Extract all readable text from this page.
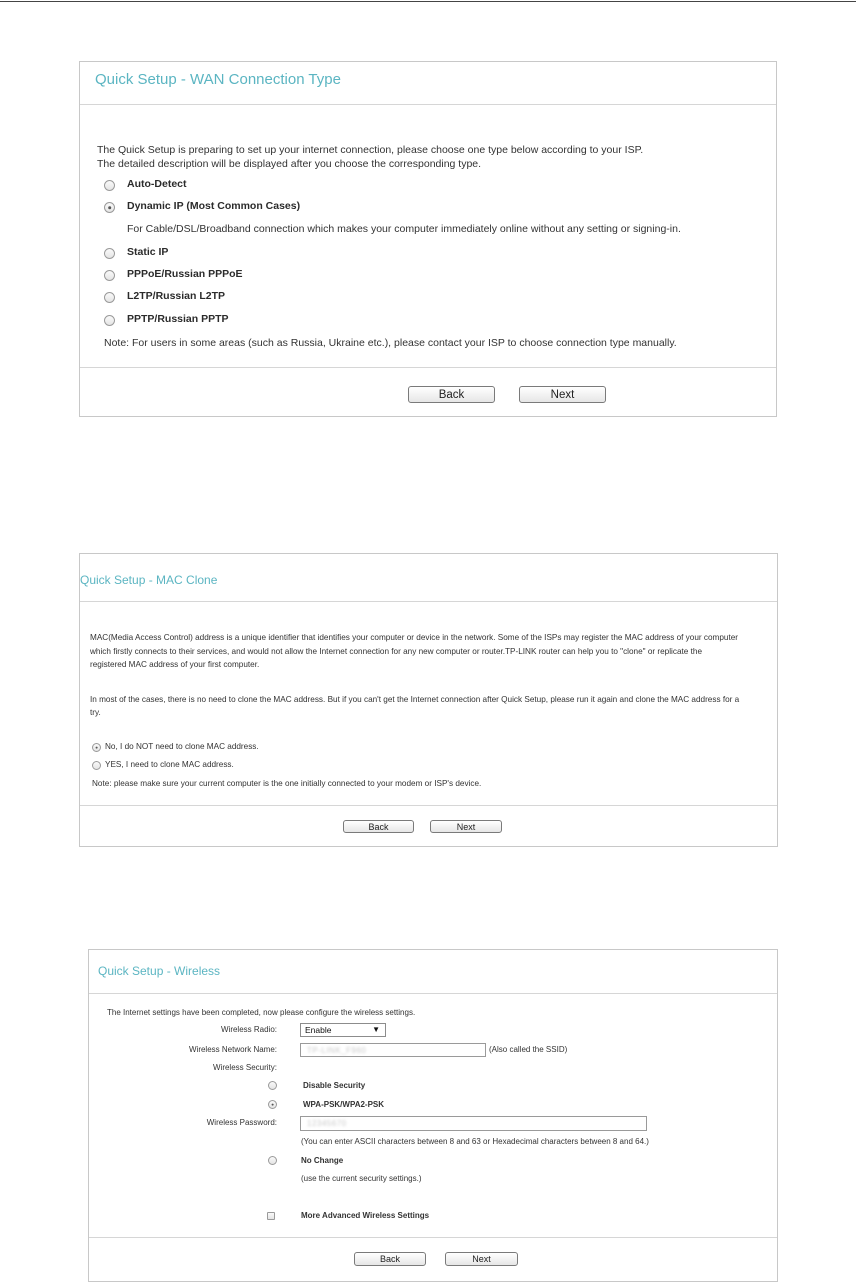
Quick Setup - WAN Connection Type
The Quick Setup is preparing to set up your internet connection, please choose one type below according to your ISP.
The detailed description will be displayed after you choose the corresponding type.
Auto-Detect
Dynamic IP (Most Common Cases)
For Cable/DSL/Broadband connection which makes your computer immediately online without any setting or signing-in.
Static IP
PPPoE/Russian PPPoE
L2TP/Russian L2TP
PPTP/Russian PPTP
Note: For users in some areas (such as Russia, Ukraine etc.), please contact your ISP to choose connection type manually.
Back	Next
Quick Setup - MAC Clone
MAC(Media Access Control) address is a unique identifier that identifies your computer or device in the network. Some of the ISPs may register the MAC address of your computer
which firstly connects to their services, and would not allow the Internet connection for any new computer or router.TP-LINK router can help you to "clone" or replicate the
registered MAC address of your first computer.
In most of the cases, there is no need to clone the MAC address. But if you can't get the Internet connection after Quick Setup, please run it again and clone the MAC address for a
try.
No, I do NOT need to clone MAC address.
YES, I need to clone MAC address.
Note: please make sure your current computer is the one initially connected to your modem or ISP's device.
Back	Next
Quick Setup - Wireless
The Internet settings have been completed, now please configure the wireless settings.
Wireless Radio:	Enable	▼
Wireless Network Name:	TP-LINK_F960	(Also called the SSID)
Wireless Security:
Disable Security
WPA-PSK/WPA2-PSK
Wireless Password:	12345670
(You can enter ASCII characters between 8 and 63 or Hexadecimal characters between 8 and 64.)
No Change
(use the current security settings.)
More Advanced Wireless Settings
Back	Next
